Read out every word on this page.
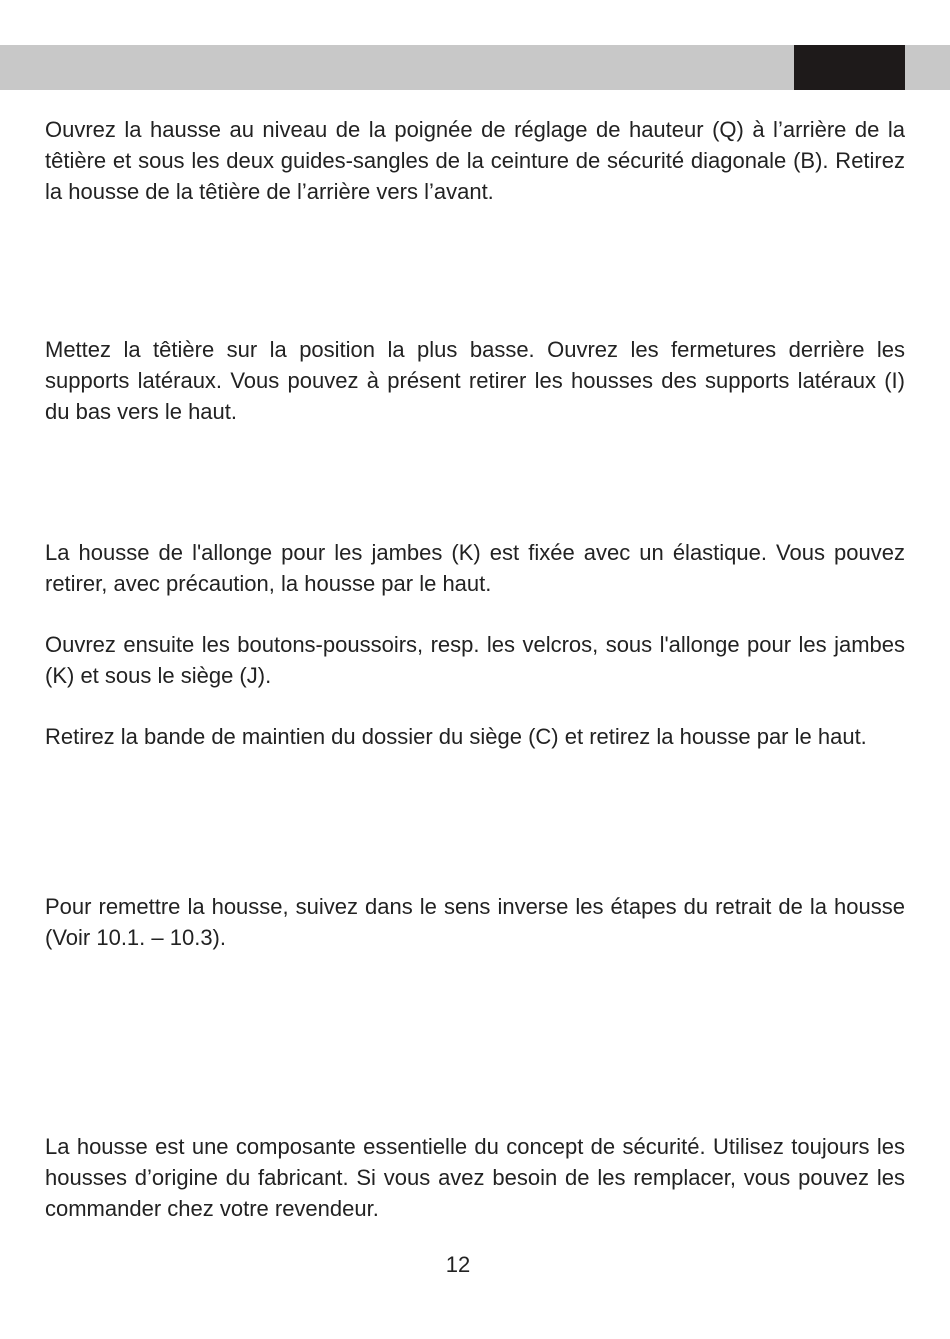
Ouvrez la hausse au niveau de la poignée de réglage de hauteur (Q) à l’arrière de la têtière et sous les deux guides-sangles de la ceinture de sécurité diagonale (B). Retirez la housse de la têtière de l’arrière vers l’avant.

Mettez la têtière sur la position la plus basse. Ouvrez les fermetures derrière les supports latéraux. Vous pouvez à présent retirer les housses des supports latéraux (I) du bas vers le haut.

La housse de l'allonge pour les jambes (K) est fixée avec un élastique. Vous pouvez retirer, avec précaution, la housse par le haut.

Ouvrez ensuite les boutons-poussoirs, resp. les velcros, sous l'allonge pour les jambes (K) et sous le siège (J).

Retirez la bande de maintien du dossier du siège (C) et retirez la housse par le haut.

Pour remettre la housse, suivez dans le sens inverse les étapes du retrait de la housse (Voir 10.1. – 10.3).

La housse est une composante essentielle du concept de sécurité. Utilisez toujours les housses d’origine du fabricant. Si vous avez besoin de les remplacer, vous pouvez les commander chez votre revendeur.

12
